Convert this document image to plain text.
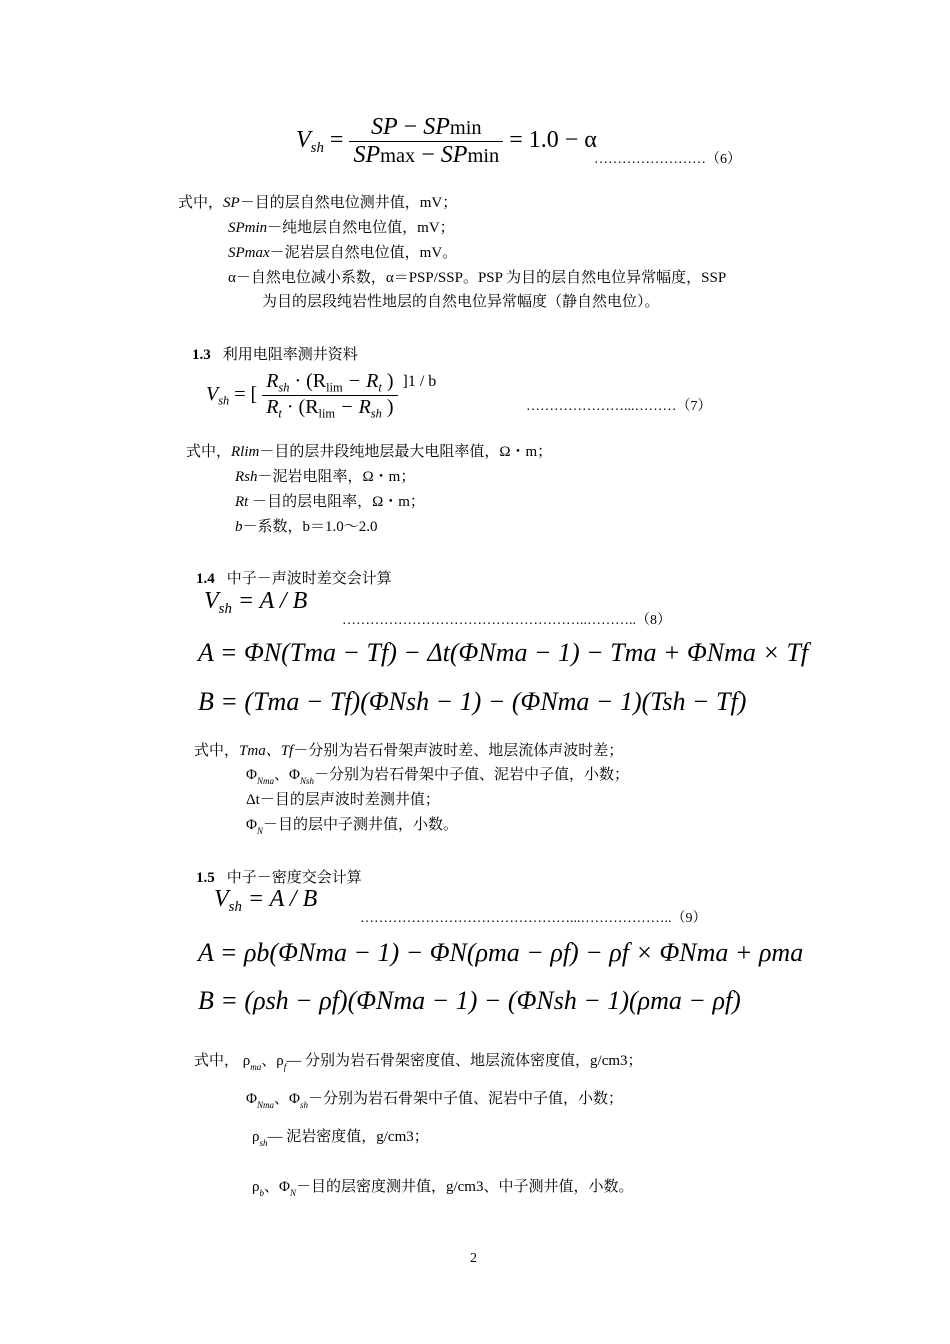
$V_{sh} = \frac{SP - SPmin}{SPmax - SPmin} = 1.0 - \alpha$
……………………（6）
式中，SP－目的层自然电位测井值，mV；
SPmin－纯地层自然电位值，mV；
SPmax－泥岩层自然电位值，mV。
α－自然电位减小系数，α＝PSP/SSP。PSP 为目的层自然电位异常幅度，SSP
为目的层段纯岩性地层的自然电位异常幅度（静自然电位）。
1.3 利用电阻率测井资料
$V_{sh}$ = [ $\frac{R_{sh} \cdot (R_{lim} - R_t )}{R_t \cdot (R_{lim} - R_{sh} )} ^{]1 / b}$
…………………...………（7）
式中，Rlim－目的层井段纯地层最大电阻率值，Ω・m；
Rsh－泥岩电阻率，Ω・m；
Rt －目的层电阻率，Ω・m；
b－系数，b＝1.0～2.0
1.4 中子－声波时差交会计算
$V_{sh} = A / B$
……………………………………………..………..（8）
A = ΦN(Tma − Tf) − Δt(ΦNma − 1) − Tma + ΦNma × Tf
B = (Tma − Tf)(ΦNsh − 1) − (ΦNma − 1)(Tsh − Tf)
式中，Tma、Tf－分别为岩石骨架声波时差、地层流体声波时差；
$\Phi_{Nma}$、$\Phi_{Nsh}-$分别为岩石骨架中子值、泥岩中子值，小数；
Δt－目的层声波时差测井值；
$\Phi_N-$目的层中子测井值，小数。
1.5 中子－密度交会计算
$V_{sh} = A / B$
………………………………………...………………..（9）
A = ρb(ΦNma − 1) − ΦN(ρma − ρf) − ρf × ΦNma + ρma
B = (ρsh − ρf)(ΦNma − 1) − (ΦNsh − 1)(ρma − ρf)
式中， $\rho_{ma}$、$\rho_f—$ 分别为岩石骨架密度值、地层流体密度值，g/cm3；
$\Phi_{Nma}$、$\Phi_{sh}-$分别为岩石骨架中子值、泥岩中子值，小数；
$\rho_{sh}—$ 泥岩密度值，g/cm3；
$\rho_b$、$\Phi_N-$目的层密度测井值，g/cm3、中子测井值，小数。
2
